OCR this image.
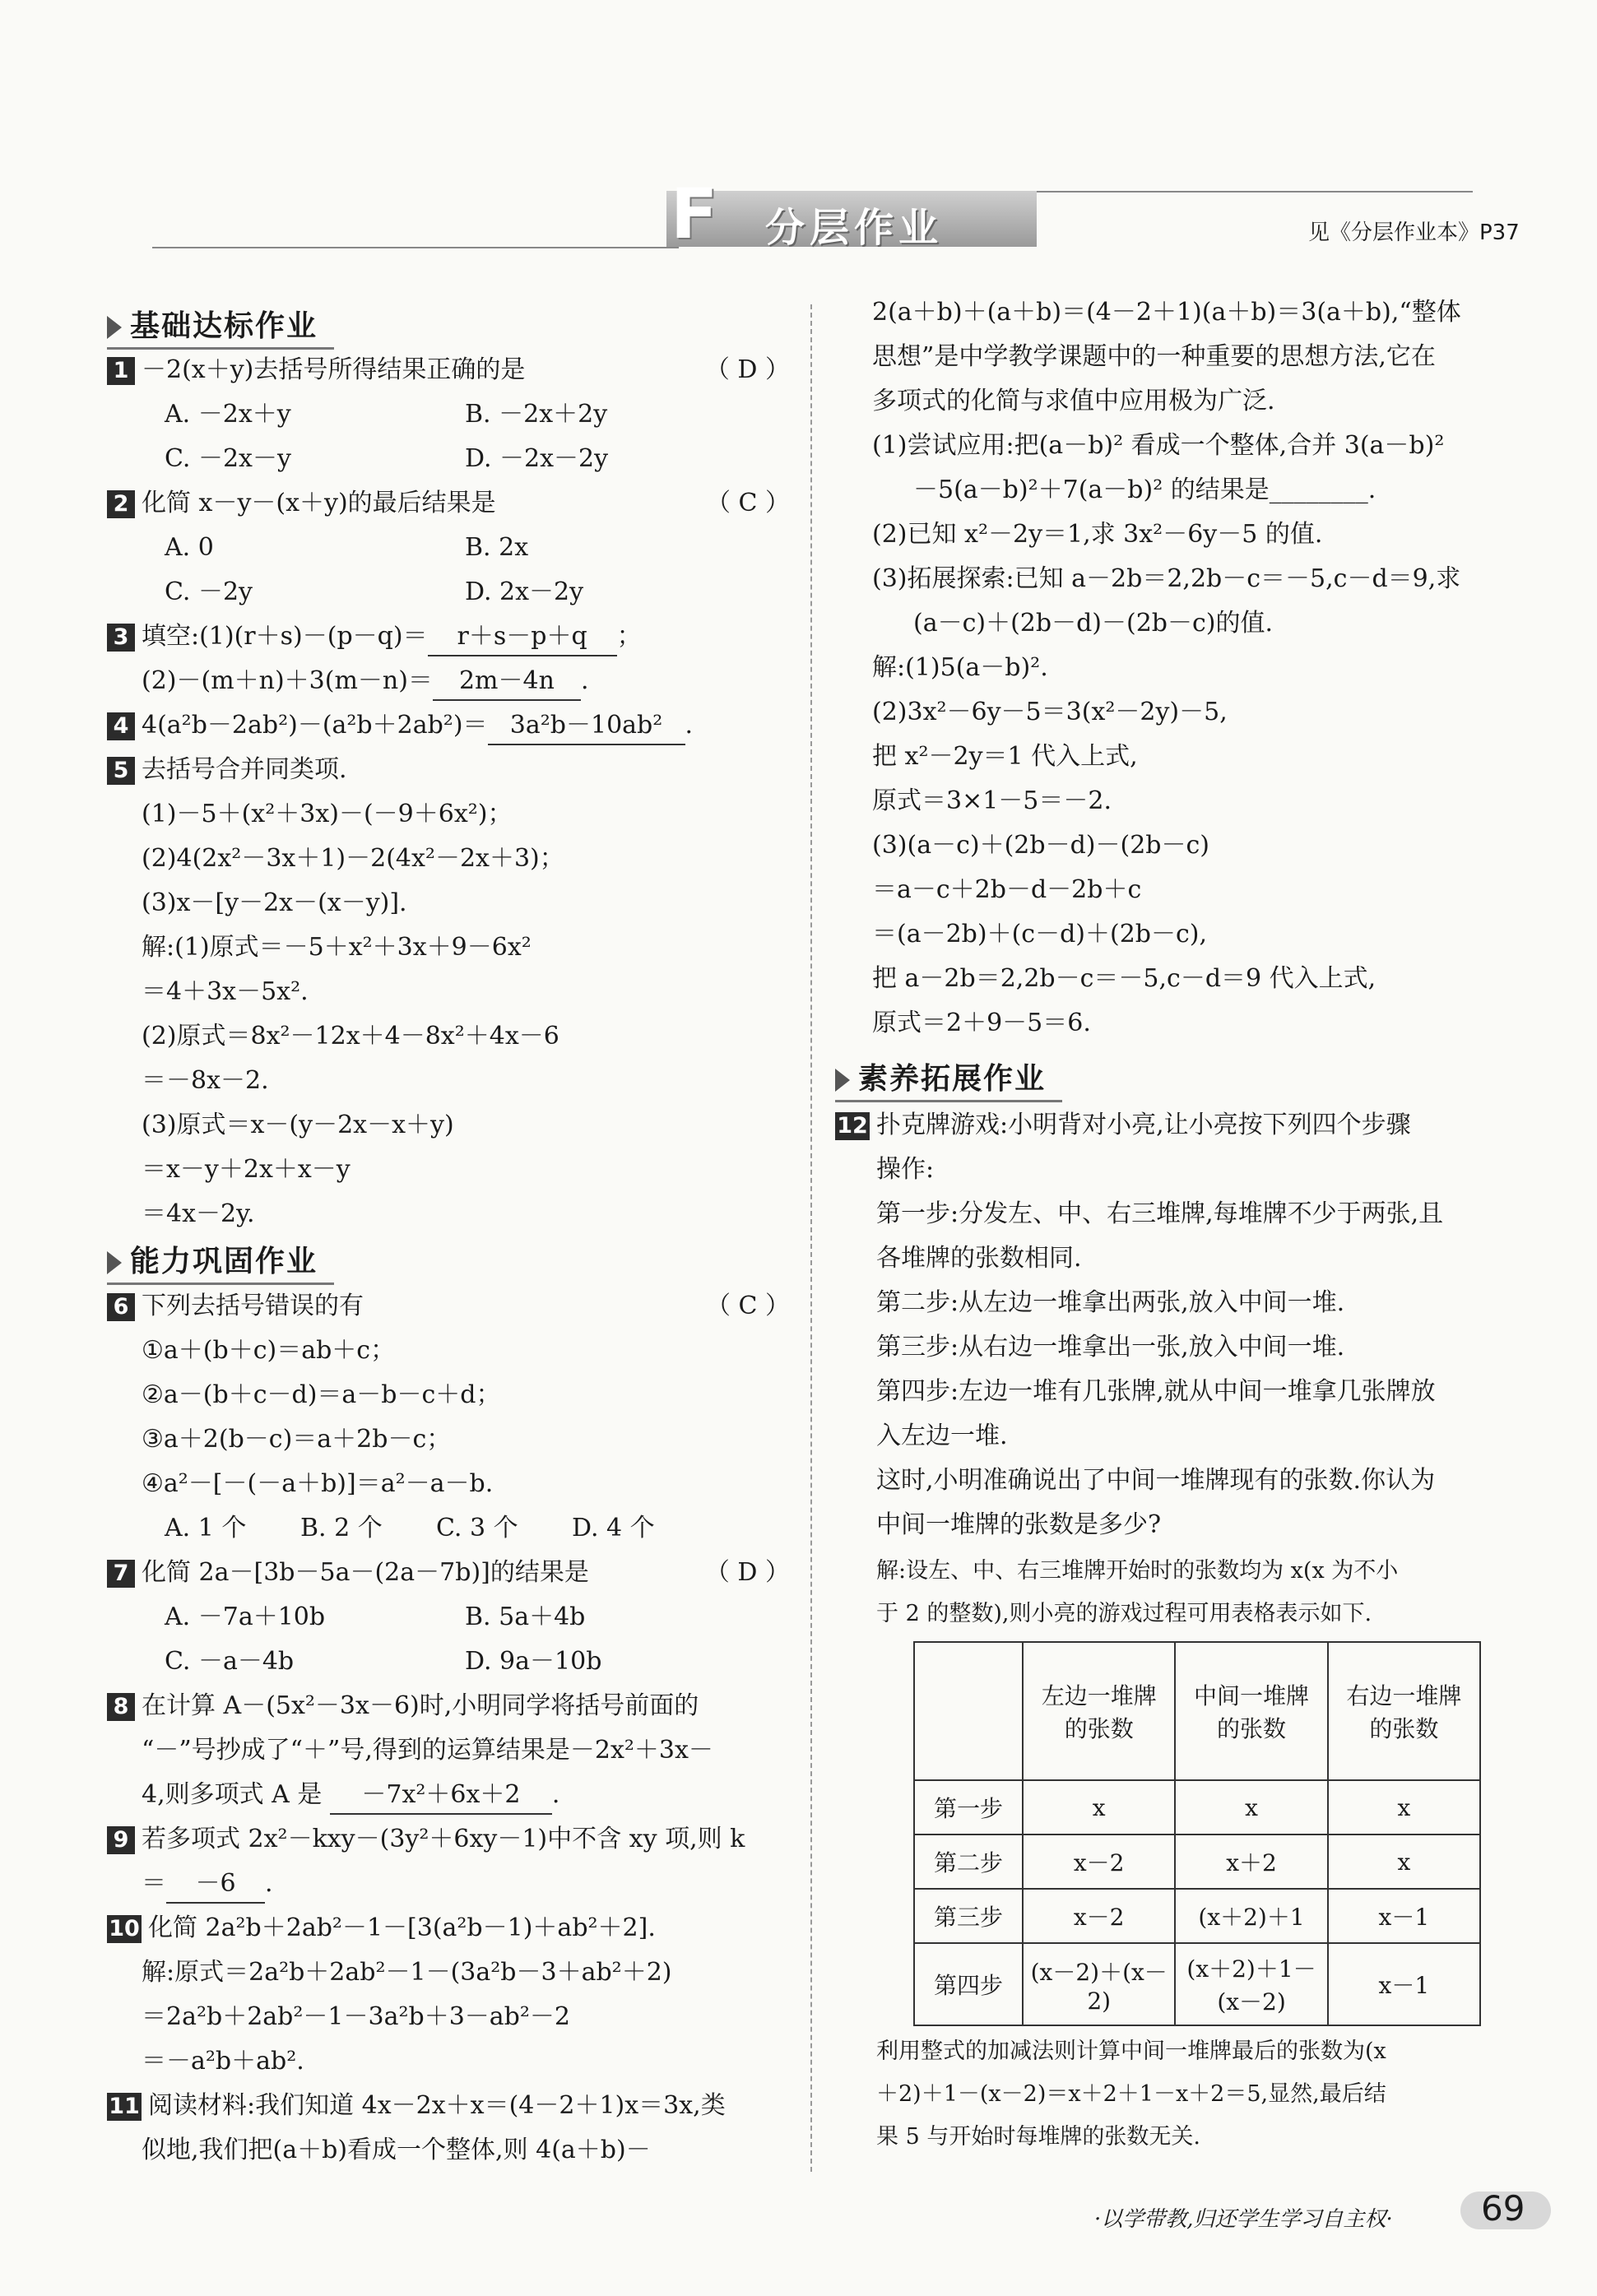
F	分层作业	见《分层作业本》P37
基础达标作业
1 －2(x＋y)去括号所得结果正确的是	（ D ）
A. －2x＋y	B. －2x＋2y
C. －2x－y	D. －2x－2y
2 化简 x－y－(x＋y)的最后结果是	（ C ）
A. 0	B. 2x
C. －2y	D. 2x－2y
3 填空:(1)(r＋s)－(p－q)＝ r＋s－p＋q ；
(2)－(m＋n)＋3(m－n)＝ 2m－4n .
4 4(a²b－2ab²)－(a²b＋2ab²)＝ 3a²b－10ab² .
5 去括号合并同类项.
(1)－5＋(x²＋3x)－(－9＋6x²)；
(2)4(2x²－3x＋1)－2(4x²－2x＋3)；
(3)x－[y－2x－(x－y)].
解:(1)原式＝－5＋x²＋3x＋9－6x²
＝4＋3x－5x².
(2)原式＝8x²－12x＋4－8x²＋4x－6
＝－8x－2.
(3)原式＝x－(y－2x－x＋y)
＝x－y＋2x＋x－y
＝4x－2y.
能力巩固作业
6 下列去括号错误的有	（ C ）
①a＋(b＋c)＝ab＋c；
②a－(b＋c－d)＝a－b－c＋d；
③a＋2(b－c)＝a＋2b－c；
④a²－[－(－a＋b)]＝a²－a－b.
A. 1 个 B. 2 个 C. 3 个 D. 4 个
7 化简 2a－[3b－5a－(2a－7b)]的结果是	（ D ）
A. －7a＋10b	B. 5a＋4b
C. －a－4b	D. 9a－10b
8 在计算 A－(5x²－3x－6)时,小明同学将括号前面的
“－”号抄成了“＋”号,得到的运算结果是－2x²＋3x－
4,则多项式 A 是 －7x²＋6x＋2 .
9 若多项式 2x²－kxy－(3y²＋6xy－1)中不含 xy 项,则 k
＝ －6 .
10 化简 2a²b＋2ab²－1－[3(a²b－1)＋ab²＋2].
解:原式＝2a²b＋2ab²－1－(3a²b－3＋ab²＋2)
＝2a²b＋2ab²－1－3a²b＋3－ab²－2
＝－a²b＋ab².
11 阅读材料:我们知道 4x－2x＋x＝(4－2＋1)x＝3x,类
似地,我们把(a＋b)看成一个整体,则 4(a＋b)－
2(a＋b)＋(a＋b)＝(4－2＋1)(a＋b)＝3(a＋b),“整体
思想”是中学教学课题中的一种重要的思想方法,它在
多项式的化简与求值中应用极为广泛.
(1)尝试应用:把(a－b)² 看成一个整体,合并 3(a－b)²
－5(a－b)²＋7(a－b)² 的结果是________.
(2)已知 x²－2y＝1,求 3x²－6y－5 的值.
(3)拓展探索:已知 a－2b＝2,2b－c＝－5,c－d＝9,求
(a－c)＋(2b－d)－(2b－c)的值.
解:(1)5(a－b)².
(2)3x²－6y－5＝3(x²－2y)－5,
把 x²－2y＝1 代入上式,
原式＝3×1－5＝－2.
(3)(a－c)＋(2b－d)－(2b－c)
＝a－c＋2b－d－2b＋c
＝(a－2b)＋(c－d)＋(2b－c),
把 a－2b＝2,2b－c＝－5,c－d＝9 代入上式,
原式＝2＋9－5＝6.
素养拓展作业
12 扑克牌游戏:小明背对小亮,让小亮按下列四个步骤
操作:
第一步:分发左、中、右三堆牌,每堆牌不少于两张,且
各堆牌的张数相同.
第二步:从左边一堆拿出两张,放入中间一堆.
第三步:从右边一堆拿出一张,放入中间一堆.
第四步:左边一堆有几张牌,就从中间一堆拿几张牌放
入左边一堆.
这时,小明准确说出了中间一堆牌现有的张数.你认为
中间一堆牌的张数是多少?
解:设左、中、右三堆牌开始时的张数均为 x(x 为不小
于 2 的整数),则小亮的游戏过程可用表格表示如下.
	左边一堆牌的张数	中间一堆牌的张数	右边一堆牌的张数
第一步	x	x	x
第二步	x－2	x＋2	x
第三步	x－2	(x＋2)＋1	x－1
第四步	(x－2)＋(x－2)	(x＋2)＋1－(x－2)	x－1
利用整式的加减法则计算中间一堆牌最后的张数为(x
＋2)＋1－(x－2)＝x＋2＋1－x＋2＝5,显然,最后结
果 5 与开始时每堆牌的张数无关.
·以学带教,归还学生学习自主权·	69
